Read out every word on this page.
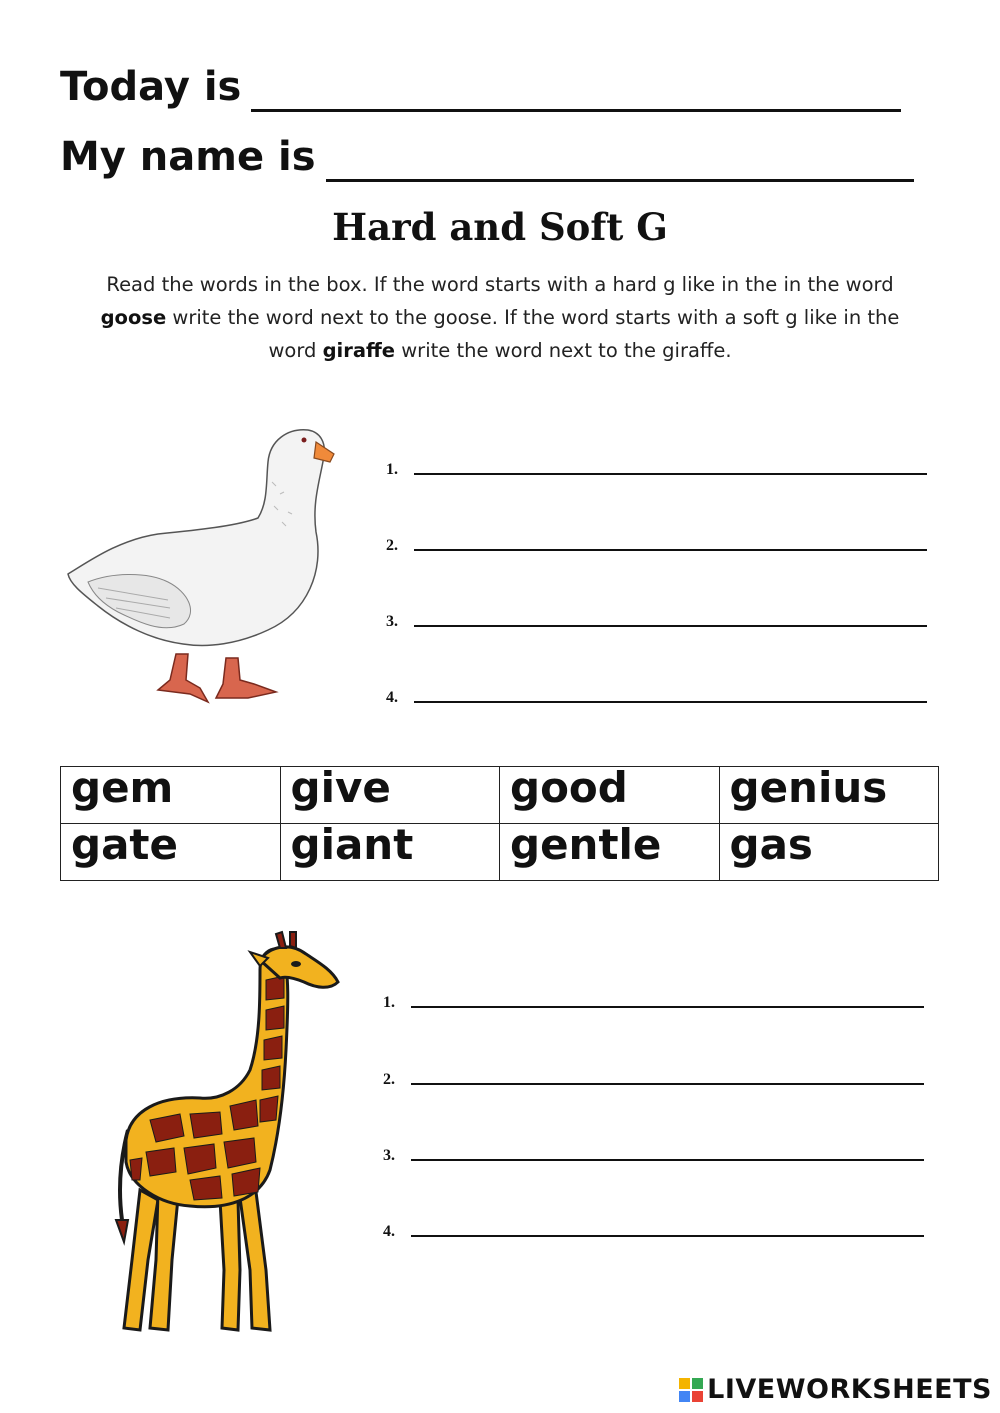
Today is
My name is
Hard and Soft G
Read the words in the box. If the word starts with a hard g like in the in the word goose write the word next to the goose. If the word starts with a soft g like in the word giraffe write the word next to the giraffe.
1.
2.
3.
4.
gem	give	good	genius
gate	giant	gentle	gas
1.
2.
3.
4.
LIVEWORKSHEETS
